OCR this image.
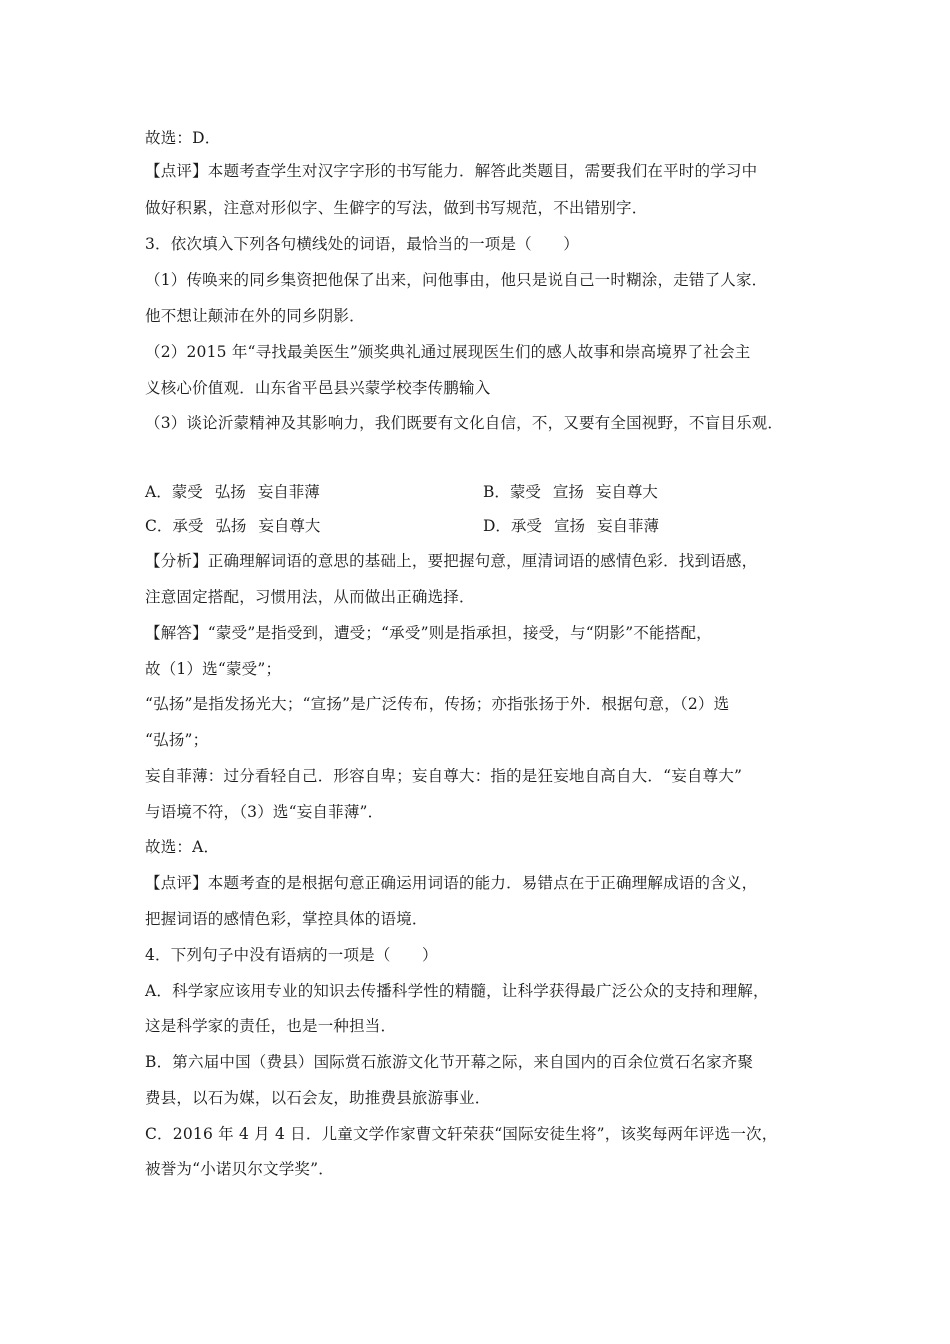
故选：D．
【点评】本题考查学生对汉字字形的书写能力．解答此类题目，需要我们在平时的学习中
做好积累，注意对形似字、生僻字的写法，做到书写规范，不出错别字．
3．依次填入下列各句横线处的词语，最恰当的一项是（　　）
（1）传唤来的同乡集资把他保了出来，问他事由，他只是说自己一时糊涂，走错了人家．
他不想让颠沛在外的同乡阴影．
（2）2015 年“寻找最美医生”颁奖典礼通过展现医生们的感人故事和崇高境界了社会主
义核心价值观．山东省平邑县兴蒙学校李传鹏输入
（3）谈论沂蒙精神及其影响力，我们既要有文化自信，不，又要有全国视野，不盲目乐观．
A．蒙受 弘扬 妄自菲薄	B．蒙受 宣扬 妄自尊大
C．承受 弘扬 妄自尊大	D．承受 宣扬 妄自菲薄
【分析】正确理解词语的意思的基础上，要把握句意，厘清词语的感情色彩．找到语感，
注意固定搭配，习惯用法，从而做出正确选择．
【解答】“蒙受”是指受到，遭受；“承受”则是指承担，接受，与“阴影”不能搭配，
故（1）选“蒙受”；
“弘扬”是指发扬光大；“宣扬”是广泛传布，传扬；亦指张扬于外．根据句意，（2）选
“弘扬”；
妄自菲薄：过分看轻自己．形容自卑；妄自尊大：指的是狂妄地自高自大．“妄自尊大”
与语境不符，（3）选“妄自菲薄”．
故选：A．
【点评】本题考查的是根据句意正确运用词语的能力．易错点在于正确理解成语的含义，
把握词语的感情色彩，掌控具体的语境．
4．下列句子中没有语病的一项是（　　）
A．科学家应该用专业的知识去传播科学性的精髓，让科学获得最广泛公众的支持和理解，
这是科学家的责任，也是一种担当．
B．第六届中国（费县）国际赏石旅游文化节开幕之际，来自国内的百余位赏石名家齐聚
费县，以石为媒，以石会友，助推费县旅游事业．
C．2016 年 4 月 4 日．儿童文学作家曹文轩荣获“国际安徒生将”，该奖每两年评选一次，
被誉为“小诺贝尔文学奖”．
